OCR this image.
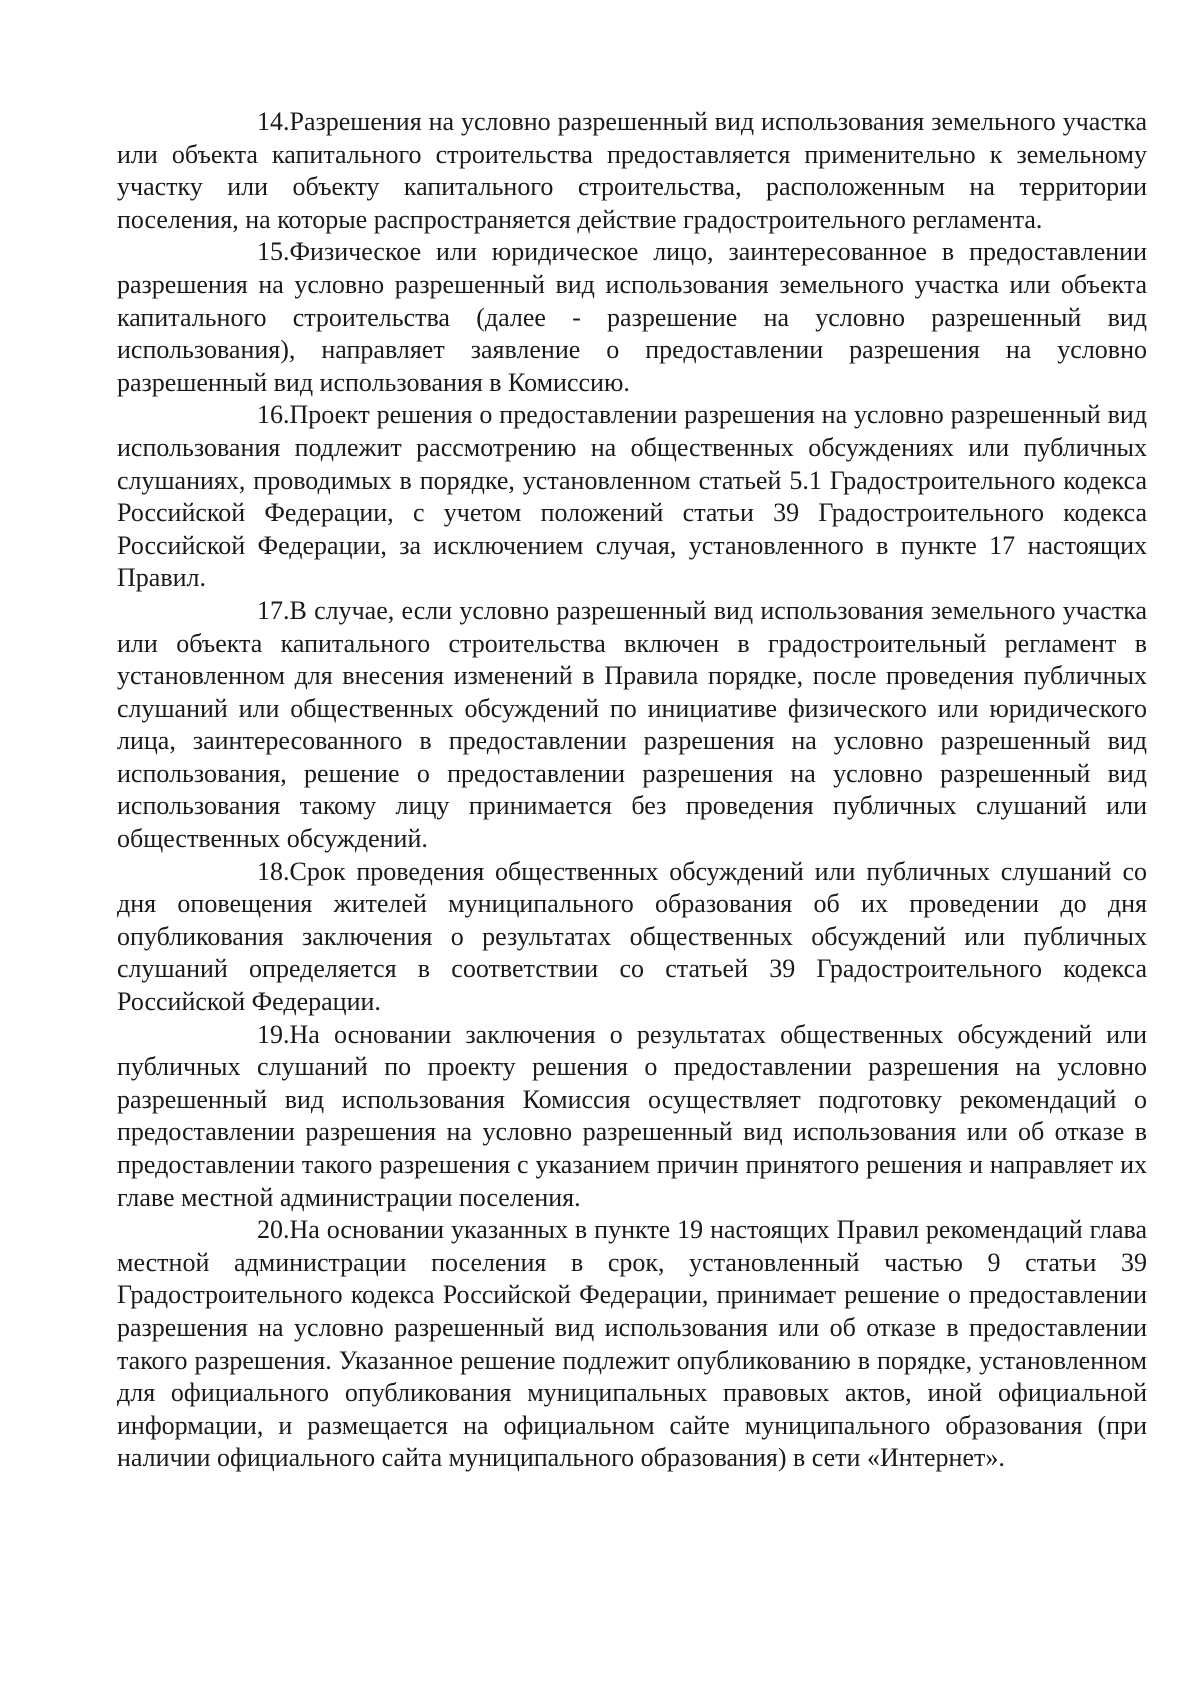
14.Разрешения на условно разрешенный вид использования земельного участка или объекта капитального строительства предоставляется применительно к земельному участку или объекту капитального строительства, расположенным на территории поселения, на которые распространяется действие градостроительного регламента.

15.Физическое или юридическое лицо, заинтересованное в предоставлении разрешения на условно разрешенный вид использования земельного участка или объекта капитального строительства (далее - разрешение на условно разрешенный вид использования), направляет заявление о предоставлении разрешения на условно разрешенный вид использования в Комиссию.

16.Проект решения о предоставлении разрешения на условно разрешенный вид использования подлежит рассмотрению на общественных обсуждениях или публичных слушаниях, проводимых в порядке, установленном статьей 5.1 Градостроительного кодекса Российской Федерации, с учетом положений статьи 39 Градостроительного кодекса Российской Федерации, за исключением случая, установленного в пункте 17 настоящих Правил.

17.В случае, если условно разрешенный вид использования земельного участка или объекта капитального строительства включен в градостроительный регламент в установленном для внесения изменений в Правила порядке, после проведения публичных слушаний или общественных обсуждений по инициативе физического или юридического лица, заинтересованного в предоставлении разрешения на условно разрешенный вид использования, решение о предоставлении разрешения на условно разрешенный вид использования такому лицу принимается без проведения публичных слушаний или общественных обсуждений.

18.Срок проведения общественных обсуждений или публичных слушаний со дня оповещения жителей муниципального образования об их проведении до дня опубликования заключения о результатах общественных обсуждений или публичных слушаний определяется в соответствии со статьей 39 Градостроительного кодекса Российской Федерации.

19.На основании заключения о результатах общественных обсуждений или публичных слушаний по проекту решения о предоставлении разрешения на условно разрешенный вид использования Комиссия осуществляет подготовку рекомендаций о предоставлении разрешения на условно разрешенный вид использования или об отказе в предоставлении такого разрешения с указанием причин принятого решения и направляет их главе местной администрации поселения.

20.На основании указанных в пункте 19 настоящих Правил рекомендаций глава местной администрации поселения в срок, установленный частью 9 статьи 39 Градостроительного кодекса Российской Федерации, принимает решение о предоставлении разрешения на условно разрешенный вид использования или об отказе в предоставлении такого разрешения. Указанное решение подлежит опубликованию в порядке, установленном для официального опубликования муниципальных правовых актов, иной официальной информации, и размещается на официальном сайте муниципального образования (при наличии официального сайта муниципального образования) в сети «Интернет».
